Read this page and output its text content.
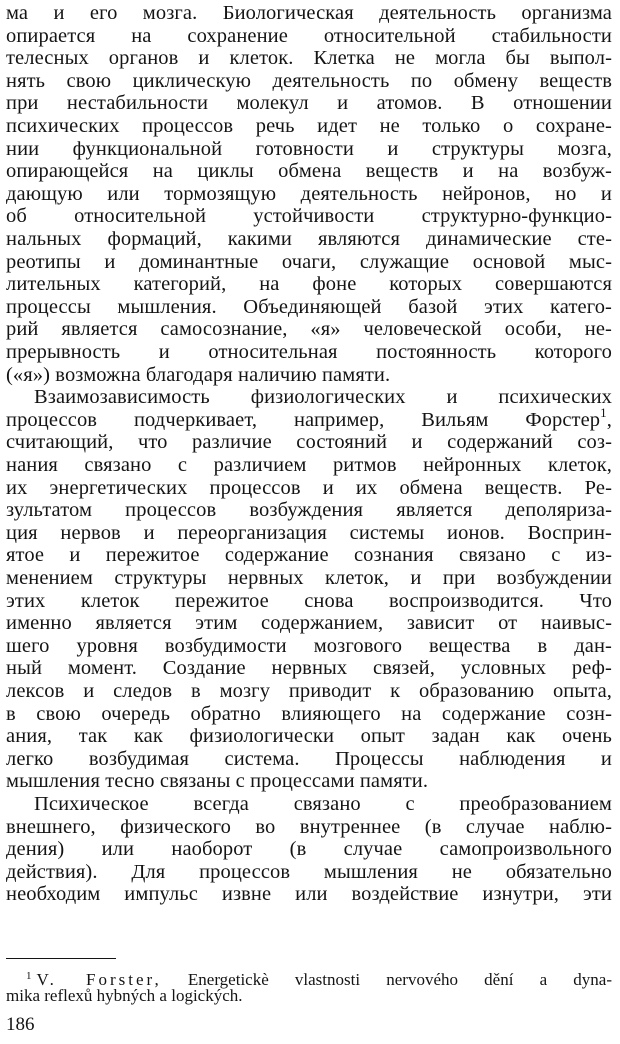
ма и его мозга. Биологическая деятельность организма
опирается на сохранение относительной стабильности
телесных органов и клеток. Клетка не могла бы выпол-
нять свою циклическую деятельность по обмену веществ
при нестабильности молекул и атомов. В отношении
психических процессов речь идет не только о сохране-
нии функциональной готовности и структуры мозга,
опирающейся на циклы обмена веществ и на возбуж-
дающую или тормозящую деятельность нейронов, но и
об относительной устойчивости структурно-функцио-
нальных формаций, какими являются динамические сте-
реотипы и доминантные очаги, служащие основой мыс-
лительных категорий, на фоне которых совершаются
процессы мышления. Объединяющей базой этих катего-
рий является самосознание, «я» человеческой особи, не-
прерывность и относительная постоянность которого
(«я») возможна благодаря наличию памяти.
Взаимозависимость физиологических и психических
процессов подчеркивает, например, Вильям Форстер$^1$,
считающий, что различие состояний и содержаний соз-
нания связано с различием ритмов нейронных клеток,
их энергетических процессов и их обмена веществ. Ре-
зультатом процессов возбуждения является деполяриза-
ция нервов и переорганизация системы ионов. Восприн-
ятое и пережитое содержание сознания связано с из-
менением структуры нервных клеток, и при возбуждении
этих клеток пережитое снова воспроизводится. Что
именно является этим содержанием, зависит от наивыс-
шего уровня возбудимости мозгового вещества в дан-
ный момент. Создание нервных связей, условных реф-
лексов и следов в мозгу приводит к образованию опыта,
в свою очередь обратно влияющего на содержание созн-
ания, так как физиологически опыт задан как очень
легко возбудимая система. Процессы наблюдения и
мышления тесно связаны с процессами памяти.
Психическое всегда связано с преобразованием
внешнего, физического во внутреннее (в случае наблю-
дения) или наоборот (в случае самопроизвольного
действия). Для процессов мышления не обязательно
необходим импульс извне или воздействие изнутри, эти
$^1$ V. Forster, Energetickè vlastnosti nervového dění a dyna-
mika reflexů hybných a logických.
186
